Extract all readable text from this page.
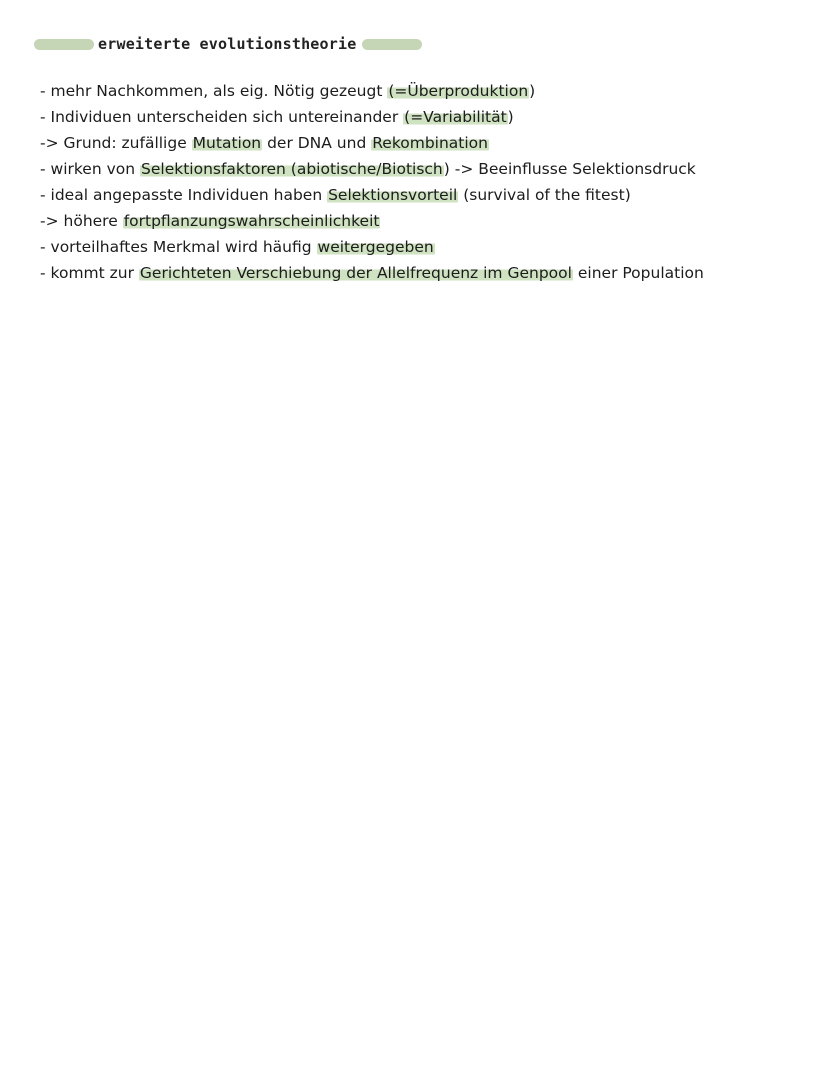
erweiterte evolutionstheorie
- mehr Nachkommen, als eig. Nötig gezeugt (=Überproduktion)
- Individuen unterscheiden sich untereinander (=Variabilität)
-> Grund: zufällige Mutation der DNA und Rekombination
- wirken von Selektionsfaktoren (abiotische/Biotisch) -> Beeinflusse Selektionsdruck
- ideal angepasste Individuen haben Selektionsvorteil (survival of the fitest)
-> höhere fortpflanzungswahrscheinlichkeit
- vorteilhaftes Merkmal wird häufig weitergegeben
- kommt zur Gerichteten Verschiebung der Allelfrequenz im Genpool einer Population
